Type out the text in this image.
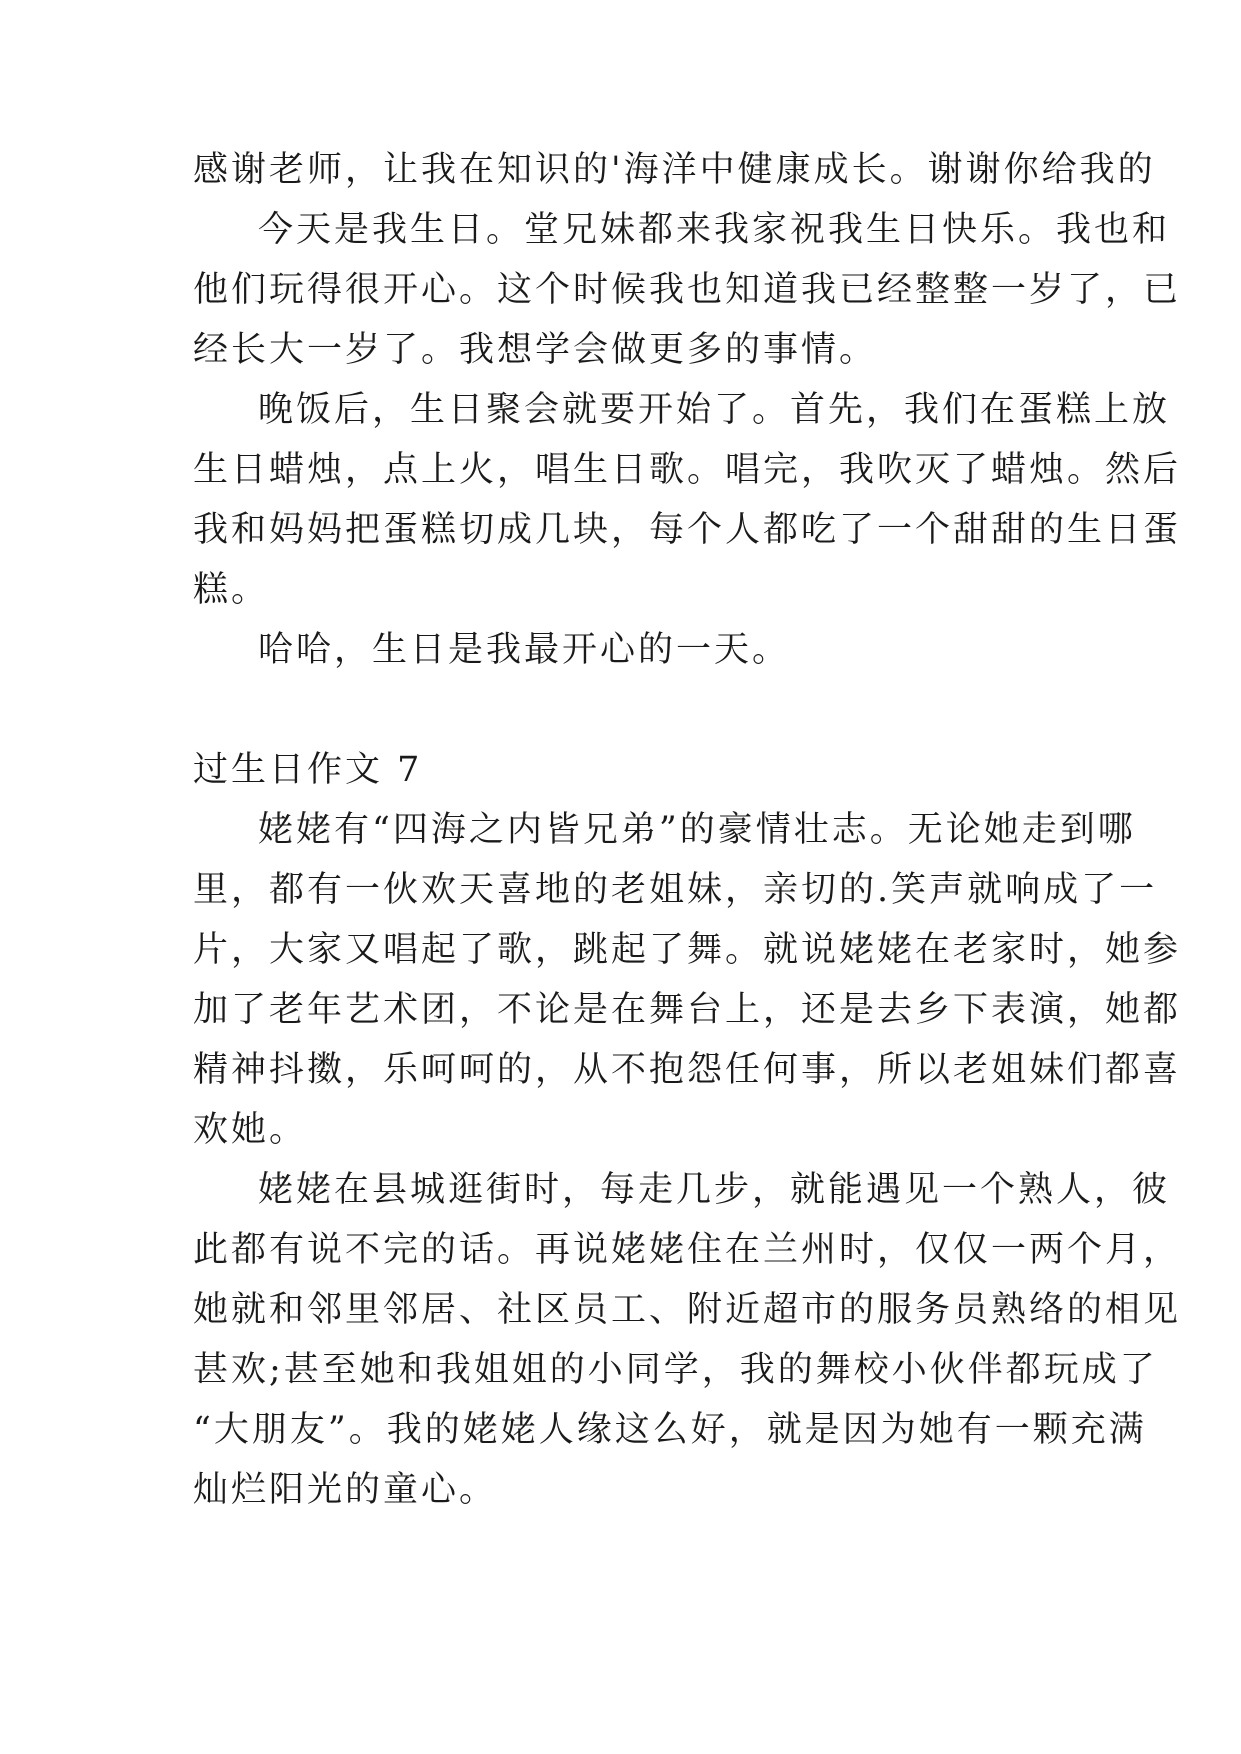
感谢老师，让我在知识的'海洋中健康成长。谢谢你给我的
今天是我生日。堂兄妹都来我家祝我生日快乐。我也和
他们玩得很开心。这个时候我也知道我已经整整一岁了，已
经长大一岁了。我想学会做更多的事情。
晚饭后，生日聚会就要开始了。首先，我们在蛋糕上放
生日蜡烛，点上火，唱生日歌。唱完，我吹灭了蜡烛。然后
我和妈妈把蛋糕切成几块，每个人都吃了一个甜甜的生日蛋
糕。
哈哈，生日是我最开心的一天。
过生日作文 7
姥姥有“四海之内皆兄弟”的豪情壮志。无论她走到哪
里，都有一伙欢天喜地的老姐妹，亲切的.笑声就响成了一
片，大家又唱起了歌，跳起了舞。就说姥姥在老家时，她参
加了老年艺术团，不论是在舞台上，还是去乡下表演，她都
精神抖擞，乐呵呵的，从不抱怨任何事，所以老姐妹们都喜
欢她。
姥姥在县城逛街时，每走几步，就能遇见一个熟人，彼
此都有说不完的话。再说姥姥住在兰州时，仅仅一两个月，
她就和邻里邻居、社区员工、附近超市的服务员熟络的相见
甚欢;甚至她和我姐姐的小同学，我的舞校小伙伴都玩成了
“大朋友”。我的姥姥人缘这么好，就是因为她有一颗充满
灿烂阳光的童心。
